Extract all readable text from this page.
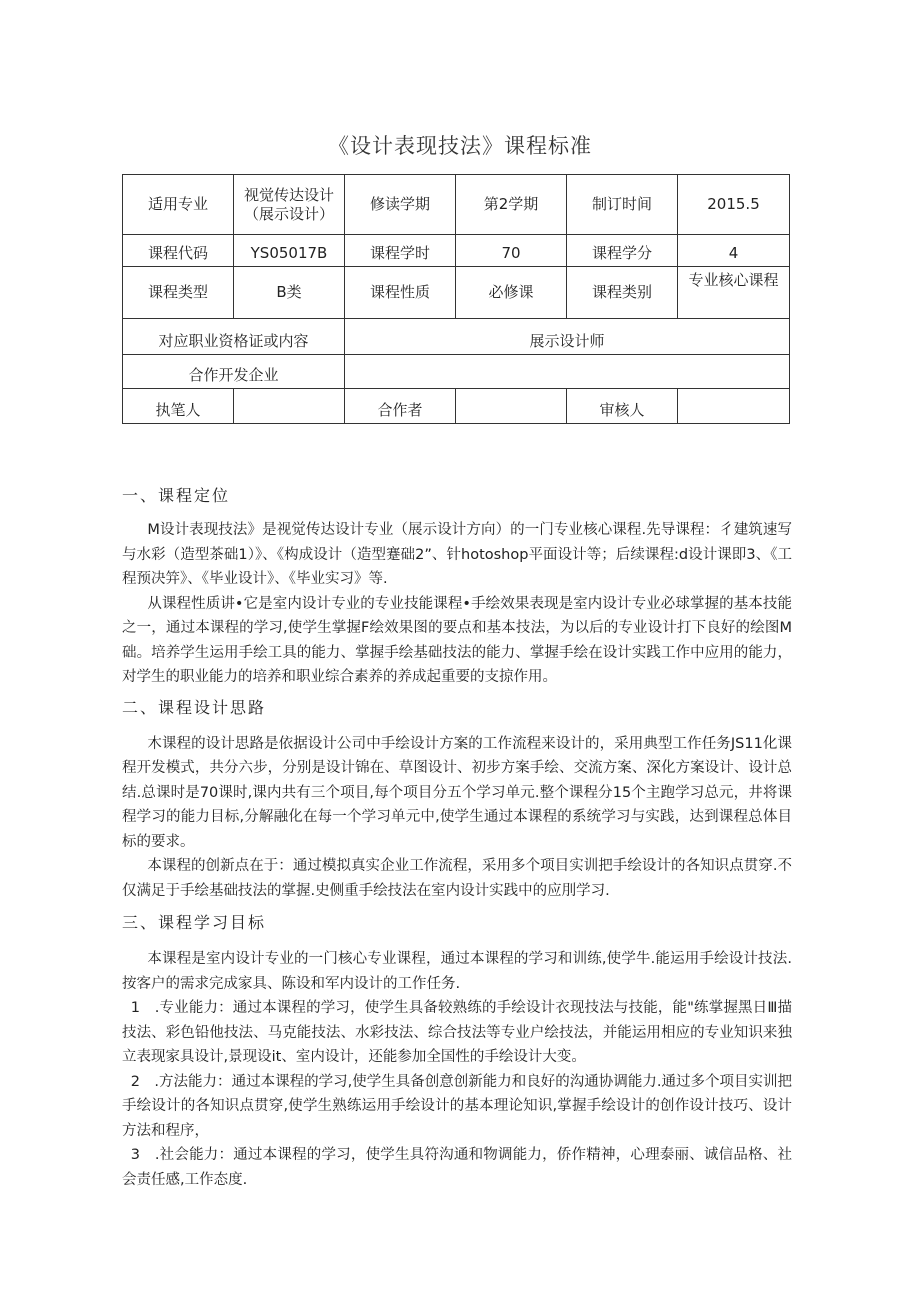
《设计表现技法》课程标准
适用专业	视觉传达设计（展示设计）	修读学期	第2学期	制订时间	2015.5
课程代码	YS05017B	课程学时	70	课程学分	4
课程类型	B类	课程性质	必修课	课程类别	专业核心课程
对应职业资格证或内容		展示设计师			
合作开发企业					
执笔人		合作者		审核人	
一、课程定位

M设计表现技法》是视觉传达设计专业（展示设计方向）的一门专业核心课程.先导课程：彳建筑速写与水彩（造型茶础1）》、《构成设计（造型蹇础2”、针hotoshop平面设计等；后续课程:d设计课即3、《工程预决笄》、《毕业设计》、《毕业实习》等.

从课程性质讲•它是室内设计专业的专业技能课程•手绘效果表现是室内设计专业必球掌握的基本技能之一，通过本课程的学习,使学生掌握F绘效果图的要点和基本技法，为以后的专业设计打下良好的绘图M础。培养学生运用手绘工具的能力、掌握手绘基础技法的能力、掌握手绘在设计实践工作中应用的能力，对学生的职业能力的培养和职业综合素养的养成起重要的支掠作用。

二、课程设计思路

木课程的设计思路是依据设计公司中手绘设计方案的工作流程来设计的，采用典型工作任务JS11化课程开发模式，共分六步，分别是设计锦在、草图设计、初步方案手绘、交流方案、深化方案设计、设计总结.总课时是70课时,课内共有三个项目,每个项目分五个学习单元.整个课程分15个主跑学习总元，井将课程学习的能力目标,分解融化在每一个学习单元中,使学生通过本课程的系统学习与实践，达到课程总体目标的要求。

本课程的创新点在于：通过模拟真实企业工作流程，采用多个项目实训把手绘设计的各知识点贯穿.不仅满足于手绘基础技法的掌握.史侧重手绘技法在室内设计实践中的应刖学习.

三、课程学习目标

本课程是室内设计专业的一门核心专业课程，通过本课程的学习和训练,使学牛.能运用手绘设计技法.按客户的需求完成家具、陈设和军内设计的工作任务.

1　.专业能力：通过本课程的学习，使学生具备较熟练的手绘设计衣现技法与技能，能"练掌握黑日Ⅲ描技法、彩色铅他技法、马克能技法、水彩技法、综合技法等专业户绘技法，并能运用相应的专业知识来独立表现家具设计,景现设it、室内设计，还能参加全国性的手绘设计大变。

2　.方法能力：通过本课程的学习,使学生具备创意创新能力和良好的沟通协调能力.通过多个项目实训把手绘设计的各知识点贯穿,使学生熟练运用手绘设计的基本理论知识,掌握手绘设计的创作设计技巧、设计方法和程序，

3　.社会能力：通过本课程的学习，使学生具符沟通和物调能力，侨作精神，心理泰丽、诚信品格、社会责任感,工作态度.
